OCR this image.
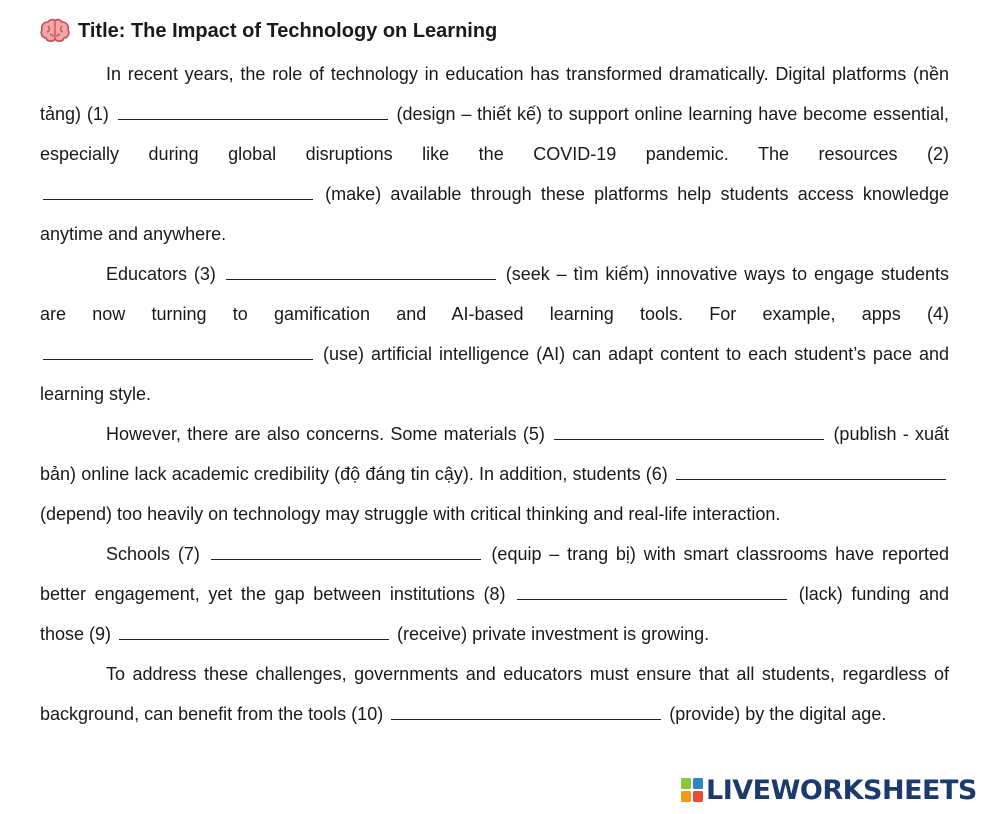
Title: The Impact of Technology on Learning

In recent years, the role of technology in education has transformed dramatically. Digital platforms (nền tảng) (1)	(design – thiết kế) to support online learning have become essential, especially during global disruptions like the COVID-19 pandemic. The resources (2)  (make) available through these platforms help students access knowledge anytime and anywhere.

Educators (3)	(seek – tìm kiếm) innovative ways to engage students are now turning to gamification and AI-based learning tools. For example, apps (4)  (use) artificial intelligence (AI) can adapt content to each student’s pace and learning style.

However, there are also concerns. Some materials (5)	(publish - xuất bản) online lack academic credibility (độ đáng tin cậy). In addition, students (6)  (depend) too heavily on technology may struggle with critical thinking and real-life interaction.

Schools (7)	(equip – trang bị) with smart classrooms have reported better engagement, yet the gap between institutions (8)	(lack) funding and those (9)	(receive) private investment is growing.

To address these challenges, governments and educators must ensure that all students, regardless of background, can benefit from the tools (10)	(provide) by the digital age.

LIVEWORKSHEETS
